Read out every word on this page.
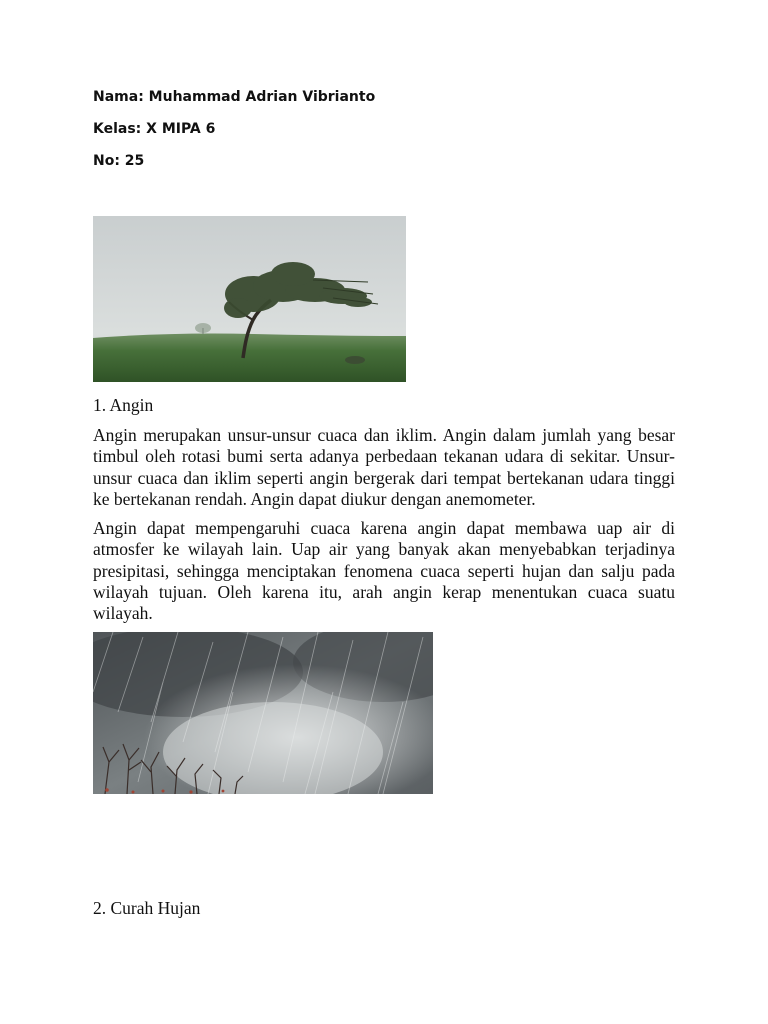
Nama: Muhammad Adrian Vibrianto
Kelas: X MIPA 6
No: 25
1. Angin

Angin merupakan unsur-unsur cuaca dan iklim. Angin dalam jumlah yang besar timbul oleh rotasi bumi serta adanya perbedaan tekanan udara di sekitar. Unsur-unsur cuaca dan iklim seperti angin bergerak dari tempat bertekanan udara tinggi ke bertekanan rendah. Angin dapat diukur dengan anemometer.

Angin dapat mempengaruhi cuaca karena angin dapat membawa uap air di atmosfer ke wilayah lain. Uap air yang banyak akan menyebabkan terjadinya presipitasi, sehingga menciptakan fenomena cuaca seperti hujan dan salju pada wilayah tujuan. Oleh karena itu, arah angin kerap menentukan cuaca suatu wilayah.

2. Curah Hujan
